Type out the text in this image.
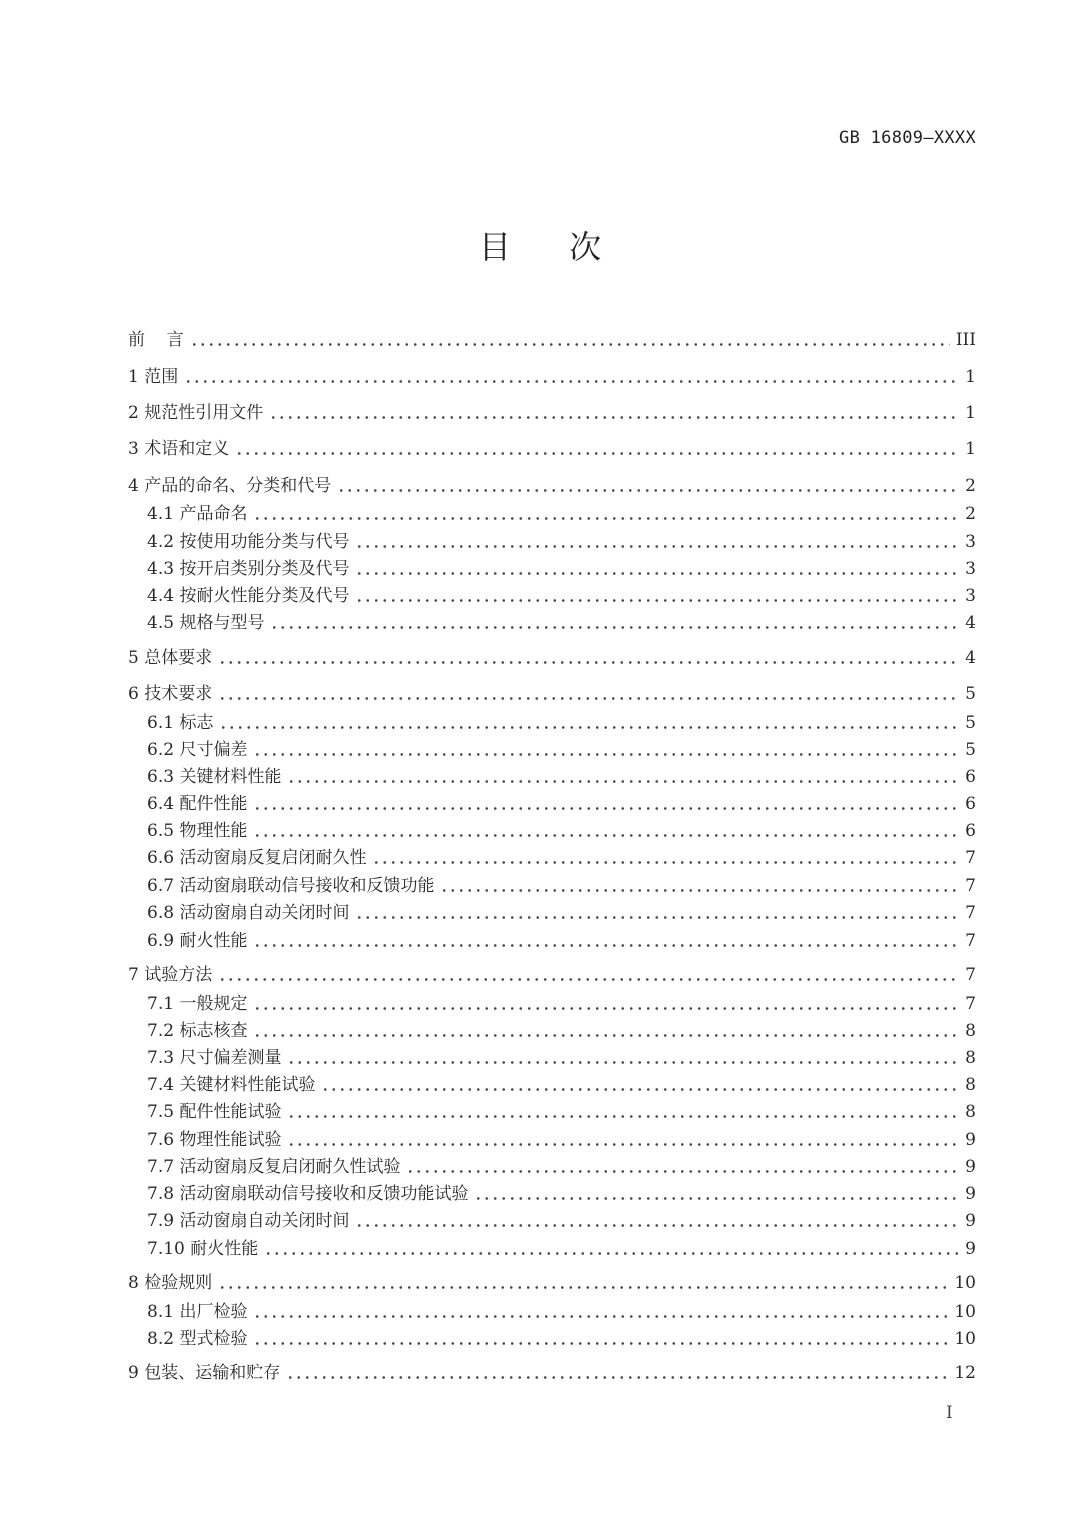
GB 16809—XXXX
目 次
前    言	III
1 范围	1
2 规范性引用文件	1
3 术语和定义	1
4 产品的命名、分类和代号	2
4.1 产品命名	2
4.2 按使用功能分类与代号	3
4.3 按开启类别分类及代号	3
4.4 按耐火性能分类及代号	3
4.5 规格与型号	4
5 总体要求	4
6 技术要求	5
6.1 标志	5
6.2 尺寸偏差	5
6.3 关键材料性能	6
6.4 配件性能	6
6.5 物理性能	6
6.6 活动窗扇反复启闭耐久性	7
6.7 活动窗扇联动信号接收和反馈功能	7
6.8 活动窗扇自动关闭时间	7
6.9 耐火性能	7
7 试验方法	7
7.1 一般规定	7
7.2 标志核查	8
7.3 尺寸偏差测量	8
7.4 关键材料性能试验	8
7.5 配件性能试验	8
7.6 物理性能试验	9
7.7 活动窗扇反复启闭耐久性试验	9
7.8 活动窗扇联动信号接收和反馈功能试验	9
7.9 活动窗扇自动关闭时间	9
7.10 耐火性能	9
8 检验规则	10
8.1 出厂检验	10
8.2 型式检验	10
9 包装、运输和贮存	12
I
